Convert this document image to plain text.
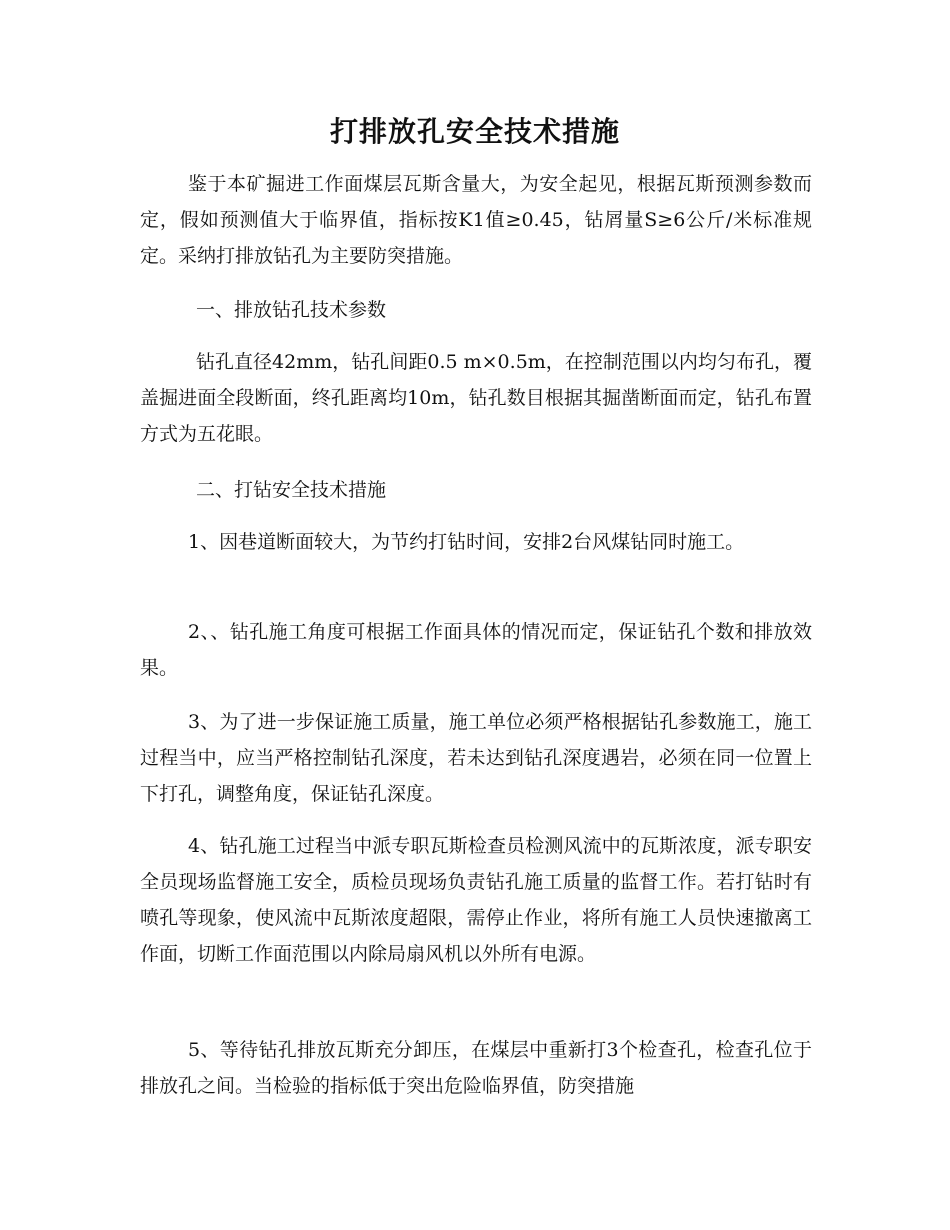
打排放孔安全技术措施

鉴于本矿掘进工作面煤层瓦斯含量大，为安全起见，根据瓦斯预测参数而定，假如预测值大于临界值，指标按K1值≥0.45，钻屑量S≥6公斤/米标准规定。采纳打排放钻孔为主要防突措施。

一、排放钻孔技术参数

钻孔直径42mm，钻孔间距0.5 m×0.5m，在控制范围以内均匀布孔，覆盖掘进面全段断面，终孔距离均10m，钻孔数目根据其掘凿断面而定，钻孔布置方式为五花眼。

二、打钻安全技术措施

1、因巷道断面较大，为节约打钻时间，安排2台风煤钻同时施工。

2、、钻孔施工角度可根据工作面具体的情况而定，保证钻孔个数和排放效果。

3、为了进一步保证施工质量，施工单位必须严格根据钻孔参数施工，施工过程当中，应当严格控制钻孔深度，若未达到钻孔深度遇岩，必须在同一位置上下打孔，调整角度，保证钻孔深度。

4、钻孔施工过程当中派专职瓦斯检查员检测风流中的瓦斯浓度，派专职安全员现场监督施工安全，质检员现场负责钻孔施工质量的监督工作。若打钻时有喷孔等现象，使风流中瓦斯浓度超限，需停止作业，将所有施工人员快速撤离工作面，切断工作面范围以内除局扇风机以外所有电源。

5、等待钻孔排放瓦斯充分卸压，在煤层中重新打3个检查孔，检查孔位于排放孔之间。当检验的指标低于突出危险临界值，防突措施
